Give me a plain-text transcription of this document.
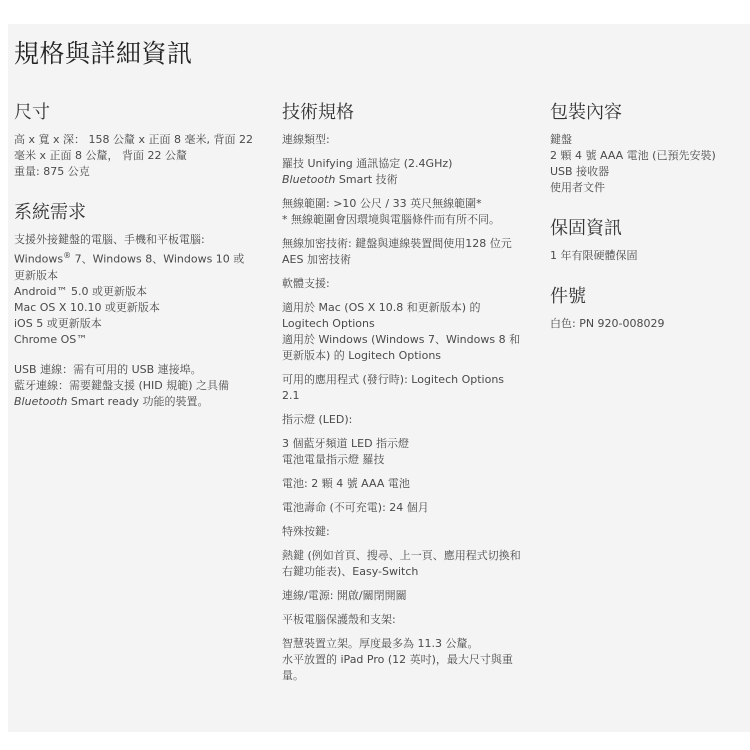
規格與詳細資訊
尺寸

高 x 寬 x 深： 158 公釐 x 正面 8 毫米, 背面 22 毫米 x 正面 8 公釐， 背面 22 公釐

重量: 875 公克

系統需求

支援外接鍵盤的電腦、手機和平板電腦:

Windows® 7、Windows 8、Windows 10 或更新版本

Android™ 5.0 或更新版本

Mac OS X 10.10 或更新版本

iOS 5 或更新版本

Chrome OS™

USB 連線：需有可用的 USB 連接埠。

藍牙連線：需要鍵盤支援 (HID 規範) 之具備 Bluetooth Smart ready 功能的裝置。

技術規格
連線類型:
羅技 Unifying 通訊協定 (2.4GHz)
Bluetooth Smart 技術
無線範圍: >10 公尺 / 33 英尺無線範圍*
* 無線範圍會因環境與電腦條件而有所不同。
無線加密技術: 鍵盤與連線裝置間使用128 位元 AES 加密技術
軟體支援:
適用於 Mac (OS X 10.8 和更新版本) 的 Logitech Options
適用於 Windows (Windows 7、Windows 8 和更新版本) 的 Logitech Options
可用的應用程式 (發行時): Logitech Options 2.1
指示燈 (LED):
3 個藍牙頻道 LED 指示燈
電池電量指示燈 羅技
電池: 2 顆 4 號 AAA 電池
電池壽命 (不可充電): 24 個月
特殊按鍵:
熱鍵 (例如首頁、搜尋、上一頁、應用程式切換和右鍵功能表)、Easy-Switch
連線/電源: 開啟/關閉開關
平板電腦保護殼和支架:
智慧裝置立架。厚度最多為 11.3 公釐。
水平放置的 iPad Pro (12 英吋)，最大尺寸與重量。
包裝內容

鍵盤

2 顆 4 號 AAA 電池 (已預先安裝)

USB 接收器

使用者文件

保固資訊

1 年有限硬體保固

件號

白色: PN 920-008029
